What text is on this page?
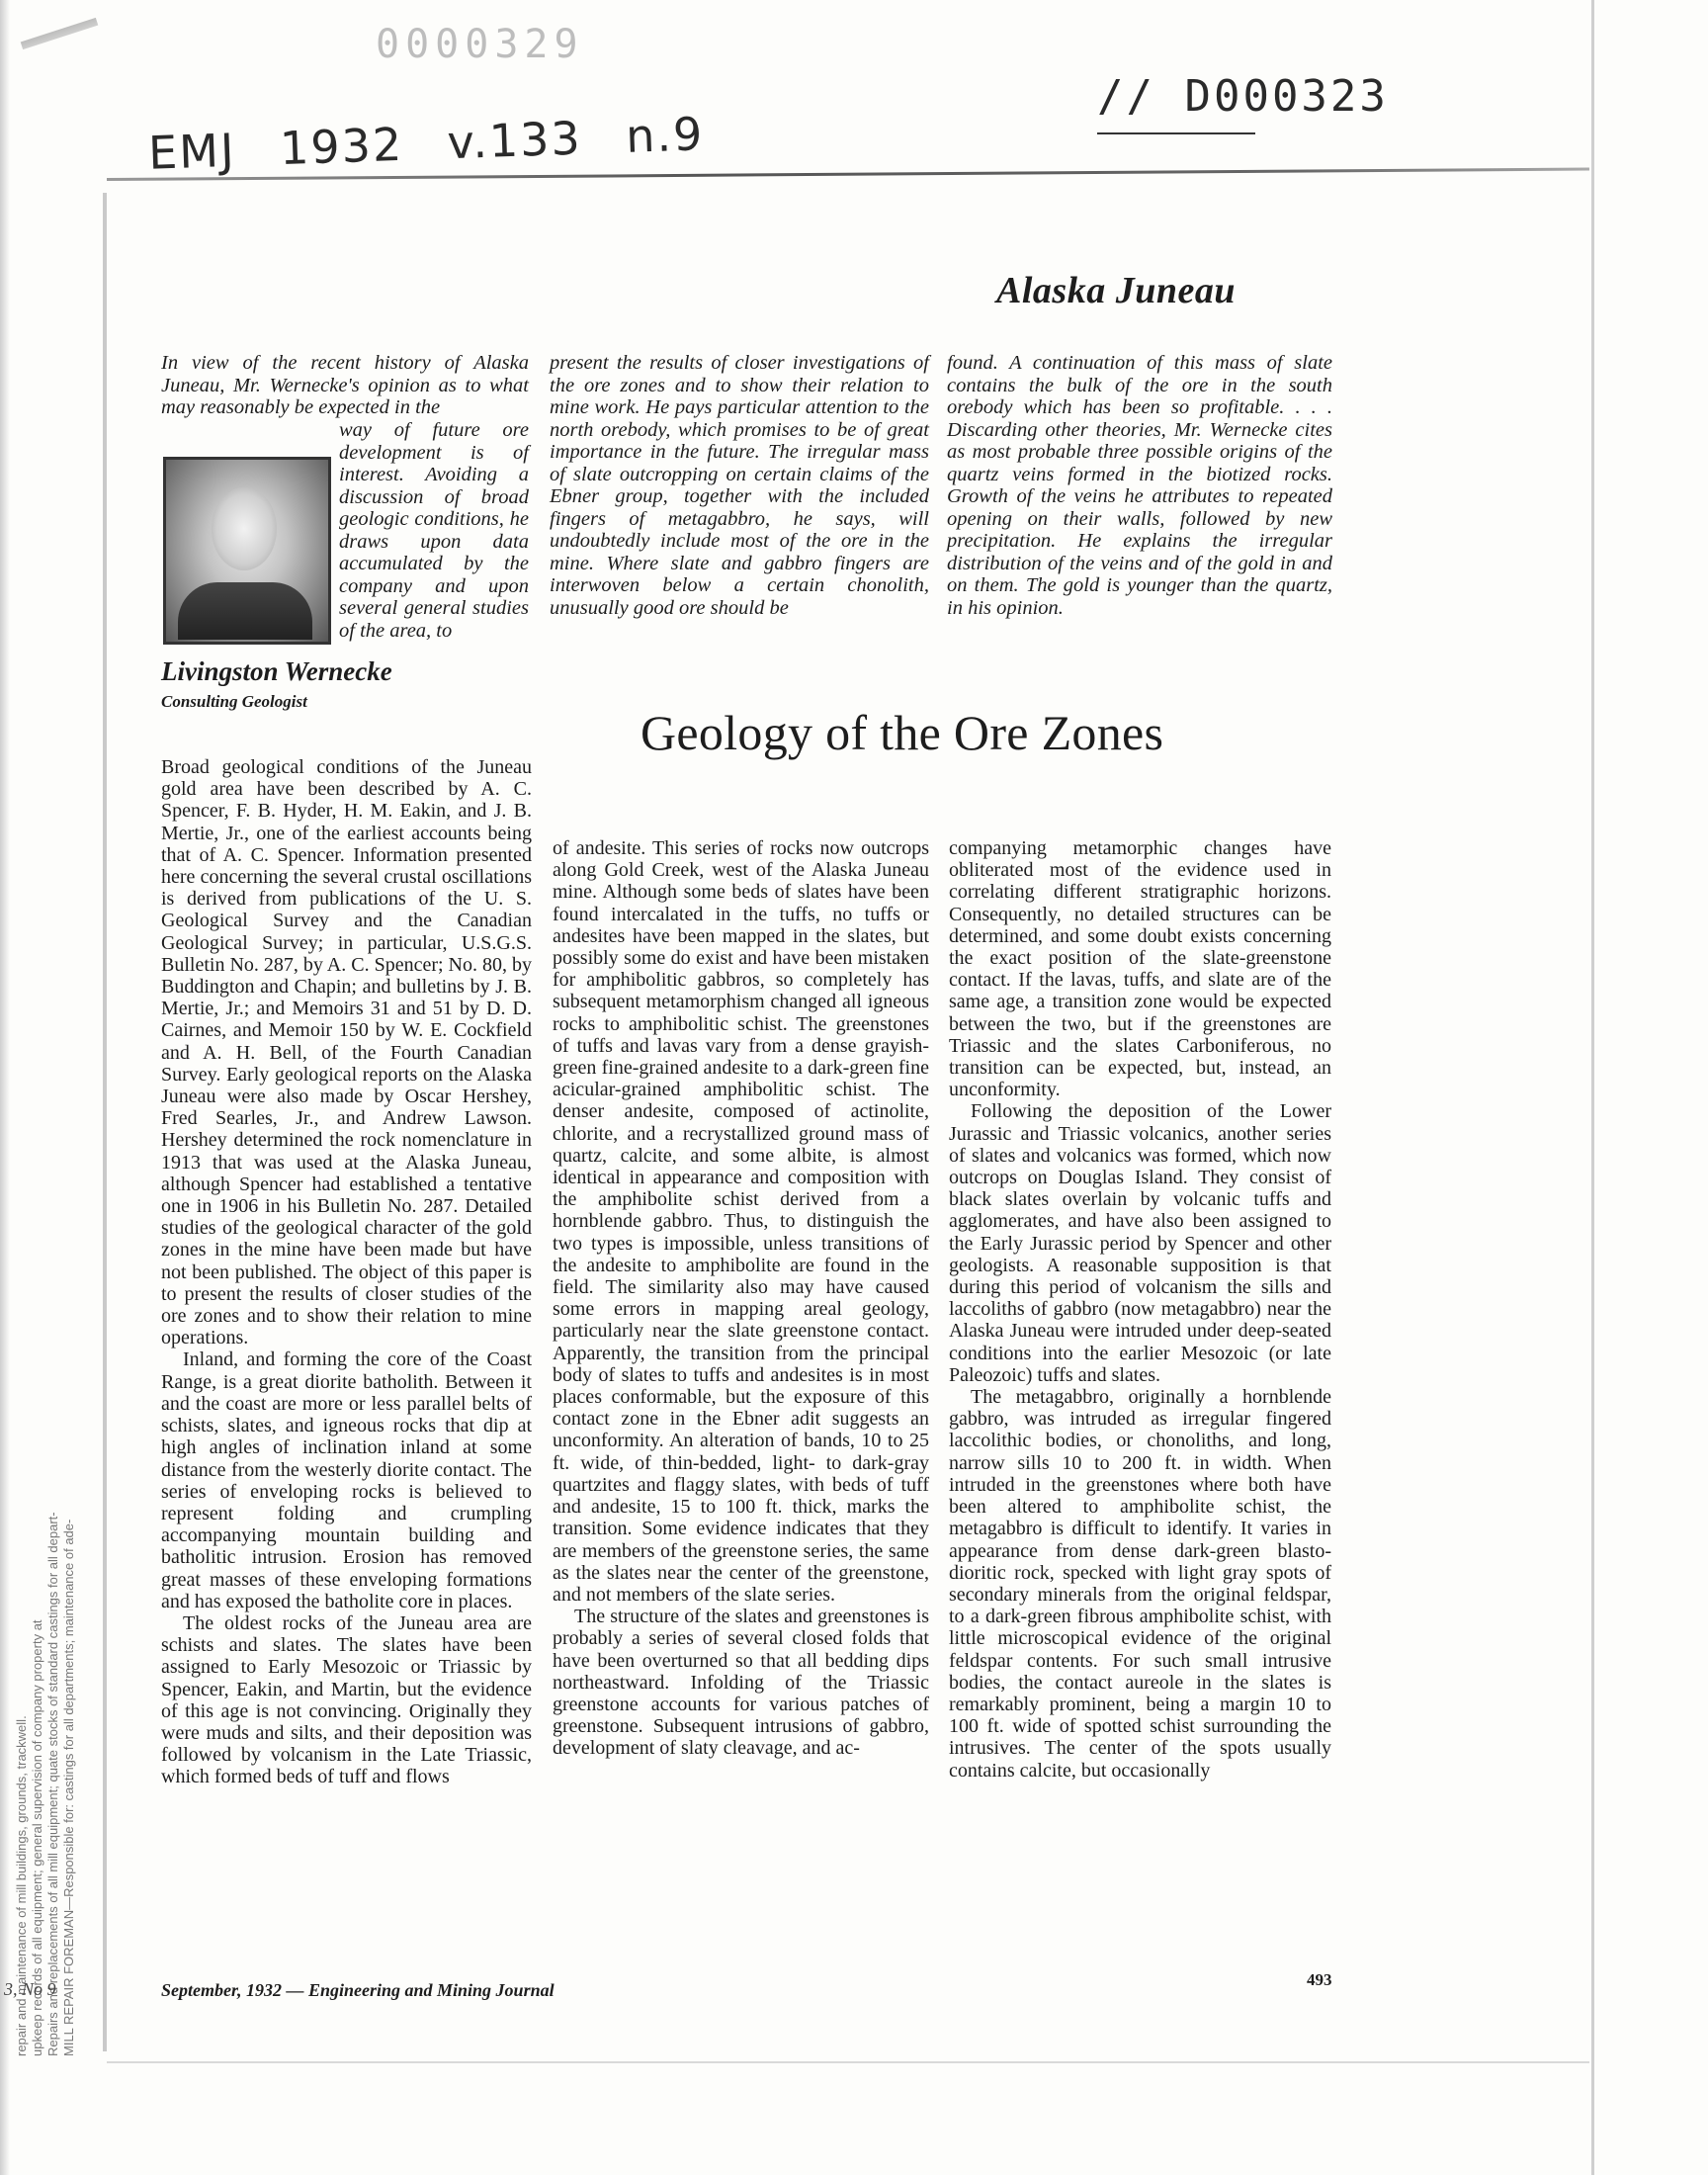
0000329
EMJ 1932 v.133 n.9
// D000323
MILL REPAIR FOREMAN—Responsible for: castings for all departments; maintenance of ade-
Repairs and replacements of all mill equipment; quate stocks of standard castings for all depart-
upkeep records of all equipment; general supervision of company property at
repair and maintenance of mill buildings, grounds, trackwell.
3, No 9
Alaska Juneau
In view of the recent history of Alaska Juneau, Mr. Wernecke's opinion as to what may reasonably be expected in the
way of future ore development is of interest. Avoiding a discussion of broad geologic conditions, he draws upon data accumulated by the company and upon several general studies of the area, to
present the results of closer investigations of the ore zones and to show their relation to mine work. He pays particular attention to the north orebody, which promises to be of great importance in the future. The irregular mass of slate outcropping on certain claims of the Ebner group, together with the included fingers of metagabbro, he says, will undoubtedly include most of the ore in the mine. Where slate and gabbro fingers are interwoven below a certain chonolith, unusually good ore should be
found. A continuation of this mass of slate contains the bulk of the ore in the south orebody which has been so profitable. . . . Discarding other theories, Mr. Wernecke cites as most probable three possible origins of the quartz veins formed in the biotized rocks. Growth of the veins he attributes to repeated opening on their walls, followed by new precipitation. He explains the irregular distribution of the veins and of the gold in and on them. The gold is younger than the quartz, in his opinion.
Livingston Wernecke
Consulting Geologist
Geology of the Ore Zones

Broad geological conditions of the Juneau gold area have been described by A. C. Spencer, F. B. Hyder, H. M. Eakin, and J. B. Mertie, Jr., one of the earliest accounts being that of A. C. Spencer. Information presented here concerning the several crustal oscillations is derived from publications of the U. S. Geological Survey and the Canadian Geological Survey; in particular, U.S.G.S. Bulletin No. 287, by A. C. Spencer; No. 80, by Buddington and Chapin; and bulletins by J. B. Mertie, Jr.; and Memoirs 31 and 51 by D. D. Cairnes, and Memoir 150 by W. E. Cockfield and A. H. Bell, of the Fourth Canadian Survey. Early geological reports on the Alaska Juneau were also made by Oscar Hershey, Fred Searles, Jr., and Andrew Lawson. Hershey determined the rock nomenclature in 1913 that was used at the Alaska Juneau, although Spencer had established a tentative one in 1906 in his Bulletin No. 287. Detailed studies of the geological character of the gold zones in the mine have been made but have not been published. The object of this paper is to present the results of closer studies of the ore zones and to show their relation to mine operations.

Inland, and forming the core of the Coast Range, is a great diorite batholith. Between it and the coast are more or less parallel belts of schists, slates, and igneous rocks that dip at high angles of inclination inland at some distance from the westerly diorite contact. The series of enveloping rocks is believed to represent folding and crumpling accompanying mountain building and batholitic intrusion. Erosion has removed great masses of these enveloping formations and has exposed the batholite core in places.

The oldest rocks of the Juneau area are schists and slates. The slates have been assigned to Early Mesozoic or Triassic by Spencer, Eakin, and Martin, but the evidence of this age is not convincing. Originally they were muds and silts, and their deposition was followed by volcanism in the Late Triassic, which formed beds of tuff and flows

of andesite. This series of rocks now outcrops along Gold Creek, west of the Alaska Juneau mine. Although some beds of slates have been found intercalated in the tuffs, no tuffs or andesites have been mapped in the slates, but possibly some do exist and have been mistaken for amphibolitic gabbros, so completely has subsequent metamorphism changed all igneous rocks to amphibolitic schist. The greenstones of tuffs and lavas vary from a dense grayish-green fine-grained andesite to a dark-green fine acicular-grained amphibolitic schist. The denser andesite, composed of actinolite, chlorite, and a recrystallized ground mass of quartz, calcite, and some albite, is almost identical in appearance and composition with the amphibolite schist derived from a hornblende gabbro. Thus, to distinguish the two types is impossible, unless transitions of the andesite to amphibolite are found in the field. The similarity also may have caused some errors in mapping areal geology, particularly near the slate greenstone contact. Apparently, the transition from the principal body of slates to tuffs and andesites is in most places conformable, but the exposure of this contact zone in the Ebner adit suggests an unconformity. An alteration of bands, 10 to 25 ft. wide, of thin-bedded, light- to dark-gray quartzites and flaggy slates, with beds of tuff and andesite, 15 to 100 ft. thick, marks the transition. Some evidence indicates that they are members of the greenstone series, the same as the slates near the center of the greenstone, and not members of the slate series.

The structure of the slates and greenstones is probably a series of several closed folds that have been overturned so that all bedding dips northeastward. Infolding of the Triassic greenstone accounts for various patches of greenstone. Subsequent intrusions of gabbro, development of slaty cleavage, and ac-

companying metamorphic changes have obliterated most of the evidence used in correlating different stratigraphic horizons. Consequently, no detailed structures can be determined, and some doubt exists concerning the exact position of the slate-greenstone contact. If the lavas, tuffs, and slate are of the same age, a transition zone would be expected between the two, but if the greenstones are Triassic and the slates Carboniferous, no transition can be expected, but, instead, an unconformity.

Following the deposition of the Lower Jurassic and Triassic volcanics, another series of slates and volcanics was formed, which now outcrops on Douglas Island. They consist of black slates overlain by volcanic tuffs and agglomerates, and have also been assigned to the Early Jurassic period by Spencer and other geologists. A reasonable supposition is that during this period of volcanism the sills and laccoliths of gabbro (now metagabbro) near the Alaska Juneau were intruded under deep-seated conditions into the earlier Mesozoic (or late Paleozoic) tuffs and slates.

The metagabbro, originally a hornblende gabbro, was intruded as irregular fingered laccolithic bodies, or chonoliths, and long, narrow sills 10 to 200 ft. in width. When intruded in the greenstones where both have been altered to amphibolite schist, the metagabbro is difficult to identify. It varies in appearance from dense dark-green blasto-dioritic rock, specked with light gray spots of secondary minerals from the original feldspar, to a dark-green fibrous amphibolite schist, with little microscopical evidence of the original feldspar contents. For such small intrusive bodies, the contact aureole in the slates is remarkably prominent, being a margin 10 to 100 ft. wide of spotted schist surrounding the intrusives. The center of the spots usually contains calcite, but occasionally

September, 1932 — Engineering and Mining Journal
493
